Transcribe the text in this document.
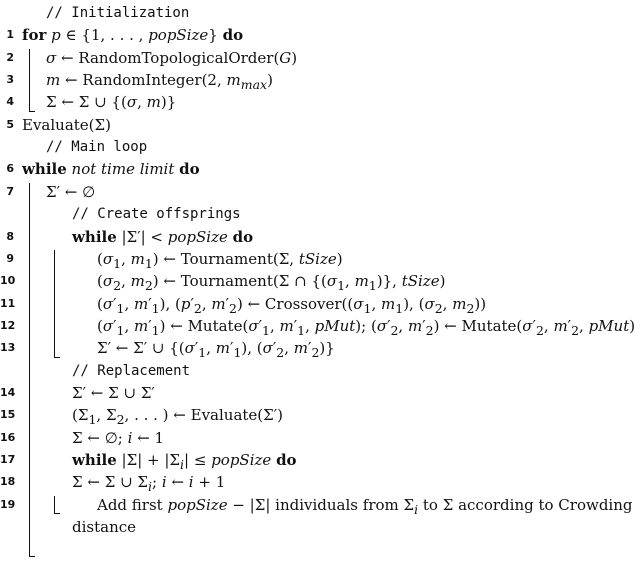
// Initialization
1 for p ∈ {1, . . . , popSize} do
2 σ ← RandomTopologicalOrder(G)
3 m ← RandomInteger(2, $m_{max}$)
4 Σ ← Σ ∪ {(σ, m)}
5 Evaluate(Σ)
// Main loop
6 while not time limit do
7 Σ′ ← ∅
// Create offsprings
8	while |Σ′| < popSize do
9	($\sigma_1$, $m_1$) ← Tournament(Σ, tSize)
10	($\sigma_2$, $m_2$) ← Tournament(Σ ∩ {($\sigma_1$, $m_1$)}, tSize)
11	($\sigma'_1$, $m'_1$), ($p'_2$, $m'_2$) ← $Crossover((\sigma_1$, $m_1$), ($\sigma_2$, $m_2$))
12	($\sigma'_1$, $m'_1$) ← $Mutate(\sigma'_1$, $m'_1$, pMut); ($\sigma'_2$, $m'_2$) ← $Mutate(\sigma'_2$, $m'_2$, pMut)
13	Σ′ ← Σ′ ∪ {($\sigma'_1$, $m'_1$), ($\sigma'_2$, $m'_2$)}
// Replacement
14	Σ′ ← Σ ∪ Σ′
15	($\Sigma_1$, $\Sigma_2$, . . . ) ← Evaluate(Σ′)
16	Σ ← ∅; i ← 1
17	while $|\Sigma| + |\Sigma_i|$ ≤ popSize do
18	Σ ← Σ ∪ $\Sigma_i$; i ← i + 1
19	Add first popSize − |Σ| individuals from $\Sigma_i$ to Σ according to Crowding
distance
